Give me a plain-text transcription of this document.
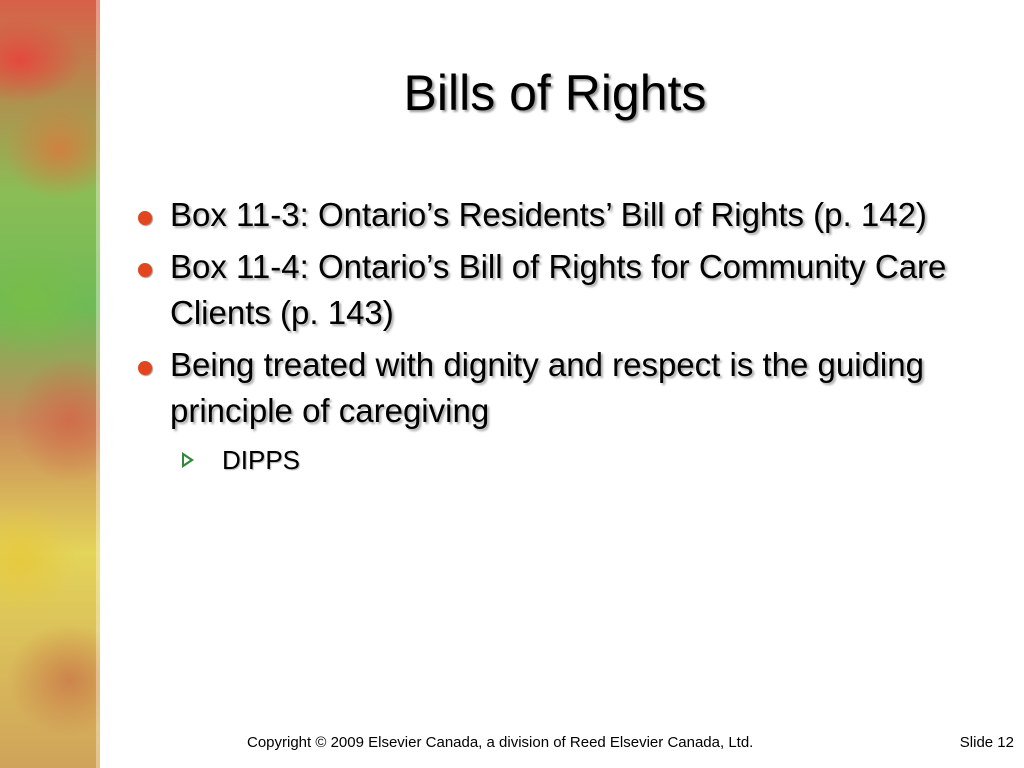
Bills of Rights
Box 11-3: Ontario’s Residents’ Bill of Rights (p. 142)
Box 11-4: Ontario’s Bill of Rights for Community Care Clients (p. 143)
Being treated with dignity and respect is the guiding principle of caregiving
DIPPS
Copyright © 2009 Elsevier Canada, a division of Reed Elsevier Canada, Ltd.	Slide 12
